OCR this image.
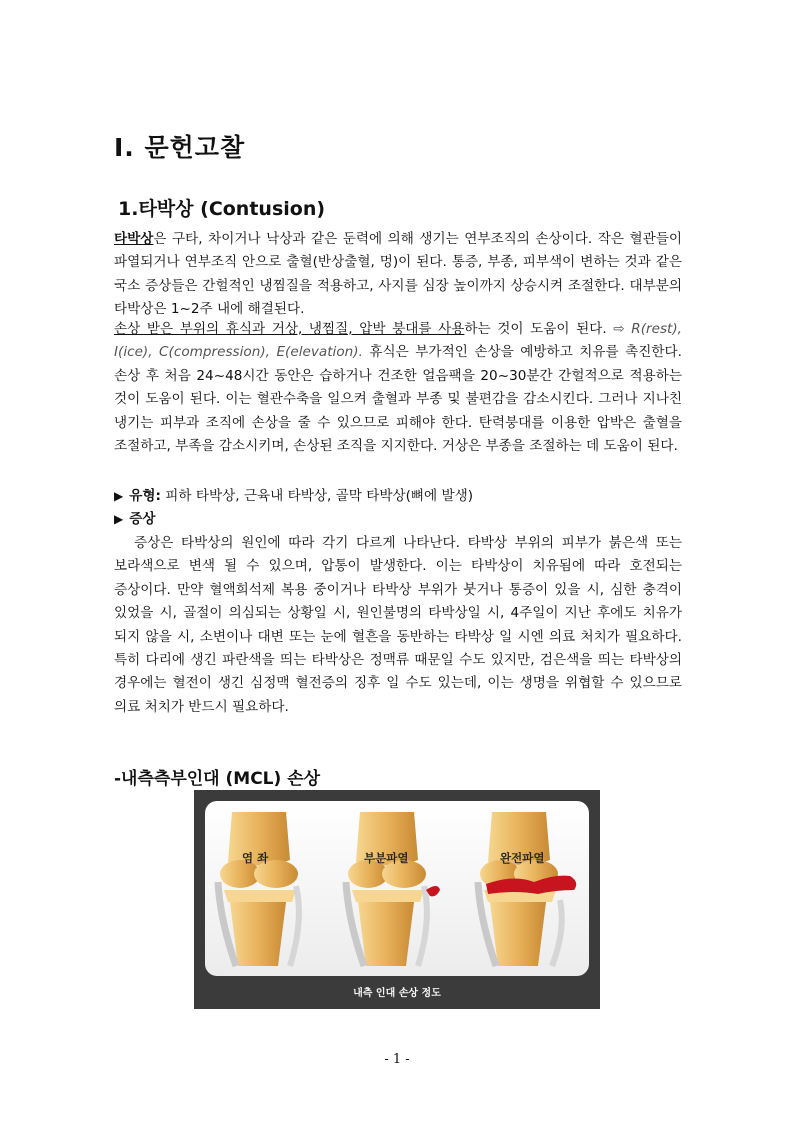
Ⅰ. 문헌고찰
1.타박상 (Contusion)

타박상은 구타, 차이거나 낙상과 같은 둔력에 의해 생기는 연부조직의 손상이다. 작은 혈관들이 파열되거나 연부조직 안으로 출혈(반상출혈, 멍)이 된다. 통증, 부종, 피부색이 변하는 것과 같은 국소 증상들은 간헐적인 냉찜질을 적용하고, 사지를 심장 높이까지 상승시켜 조절한다. 대부분의 타박상은 1~2주 내에 해결된다.

손상 받은 부위의 휴식과 거상, 냉찜질, 압박 붕대를 사용하는 것이 도움이 된다. ⇨ R(rest), I(ice), C(compression), E(elevation). 휴식은 부가적인 손상을 예방하고 치유를 촉진한다. 손상 후 처음 24~48시간 동안은 습하거나 건조한 얼음팩을 20~30분간 간헐적으로 적용하는 것이 도움이 된다. 이는 혈관수축을 일으켜 출혈과 부종 및 불편감을 감소시킨다. 그러나 지나친 냉기는 피부과 조직에 손상을 줄 수 있으므로 피해야 한다. 탄력붕대를 이용한 압박은 출혈을 조절하고, 부족을 감소시키며, 손상된 조직을 지지한다. 거상은 부종을 조절하는 데 도움이 된다.

▶ 유형: 피하 타박상, 근육내 타박상, 골막 타박상(뼈에 발생)

▶ 증상

증상은 타박상의 원인에 따라 각기 다르게 나타난다. 타박상 부위의 피부가 붉은색 또는 보라색으로 변색 될 수 있으며, 압통이 발생한다. 이는 타박상이 치유됨에 따라 호전되는 증상이다. 만약 혈액희석제 복용 중이거나 타박상 부위가 붓거나 통증이 있을 시, 심한 충격이 있었을 시, 골절이 의심되는 상황일 시, 원인불명의 타박상일 시, 4주일이 지난 후에도 치유가 되지 않을 시, 소변이나 대변 또는 눈에 혈흔을 동반하는 타박상 일 시엔 의료 처치가 필요하다. 특히 다리에 생긴 파란색을 띄는 타박상은 정맥류 때문일 수도 있지만, 검은색을 띄는 타박상의 경우에는 혈전이 생긴 심정맥 혈전증의 징후 일 수도 있는데, 이는 생명을 위협할 수 있으므로 의료 처치가 반드시 필요하다.

-내측측부인대 (MCL) 손상
염 좌	부분파열	완전파열
내측 인대 손상 정도
- 1 -
